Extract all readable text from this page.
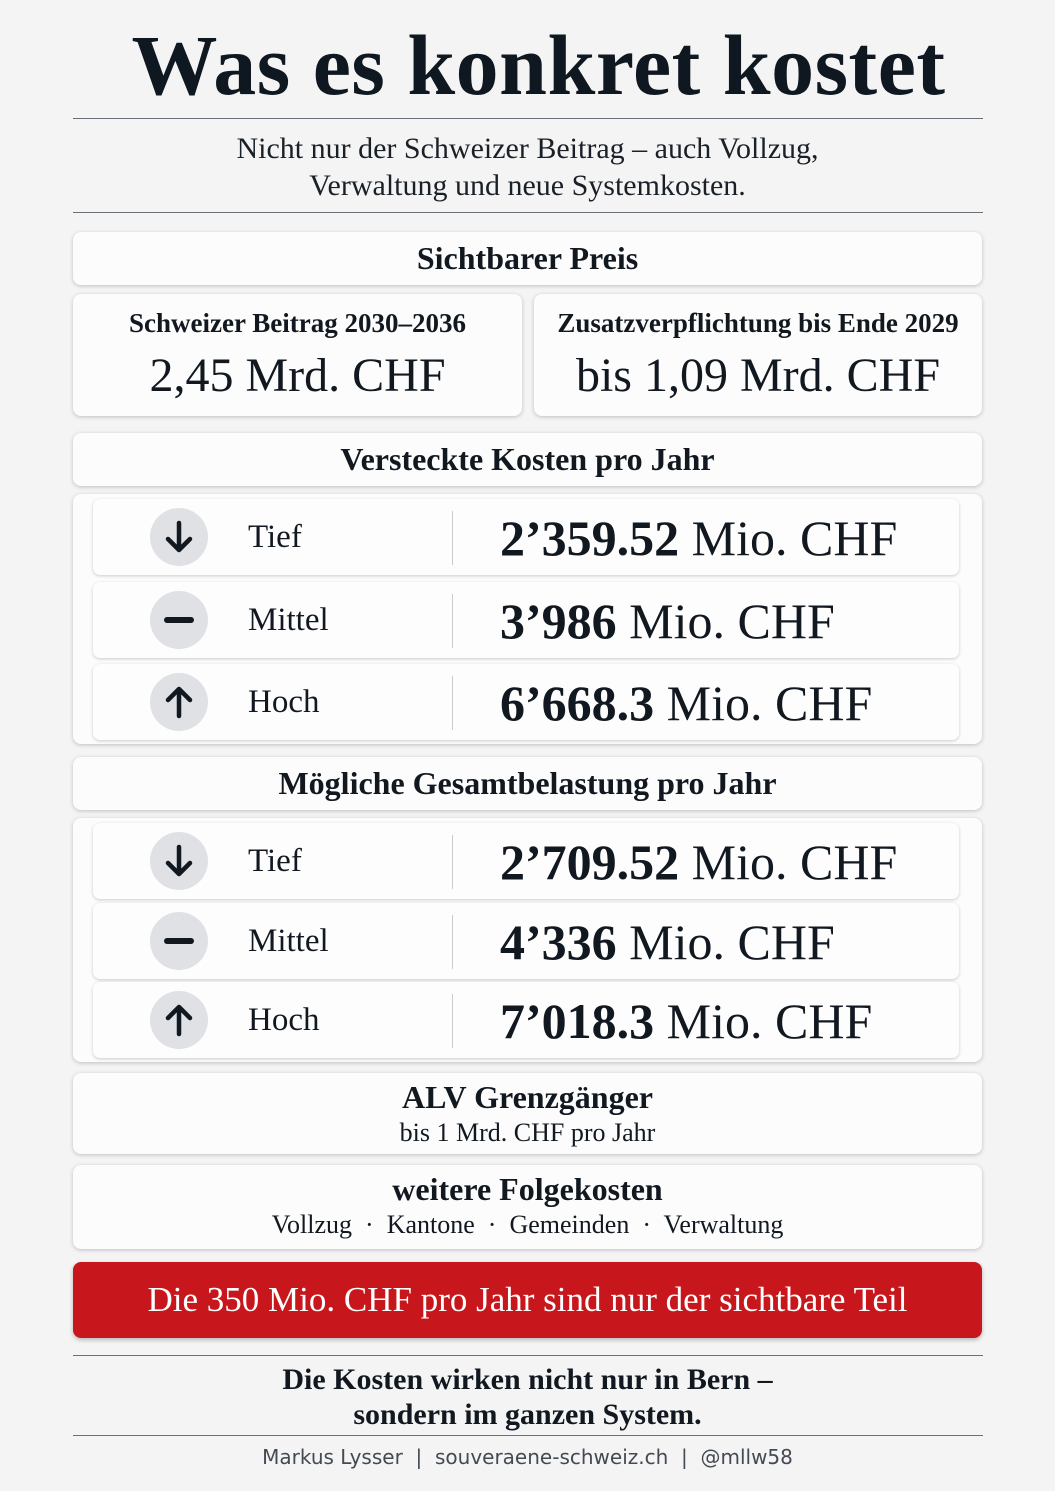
Was es konkret kostet
Nicht nur der Schweizer Beitrag – auch Vollzug,
Verwaltung und neue Systemkosten.
Sichtbarer Preis
Schweizer Beitrag 2030–2036
2,45 Mrd. CHF
Zusatzverpflichtung bis Ende 2029
bis 1,09 Mrd. CHF
Versteckte Kosten pro Jahr
Tief	2’359.52 Mio. CHF
Mittel	3’986 Mio. CHF
Hoch	6’668.3 Mio. CHF
Mögliche Gesamtbelastung pro Jahr
Tief	2’709.52 Mio. CHF
Mittel	4’336 Mio. CHF
Hoch	7’018.3 Mio. CHF
ALV Grenzgänger
bis 1 Mrd. CHF pro Jahr
weitere Folgekosten
Vollzug · Kantone · Gemeinden · Verwaltung
Die 350 Mio. CHF pro Jahr sind nur der sichtbare Teil
Die Kosten wirken nicht nur in Bern –
sondern im ganzen System.
Markus Lysser | souveraene-schweiz.ch | @mllw58
